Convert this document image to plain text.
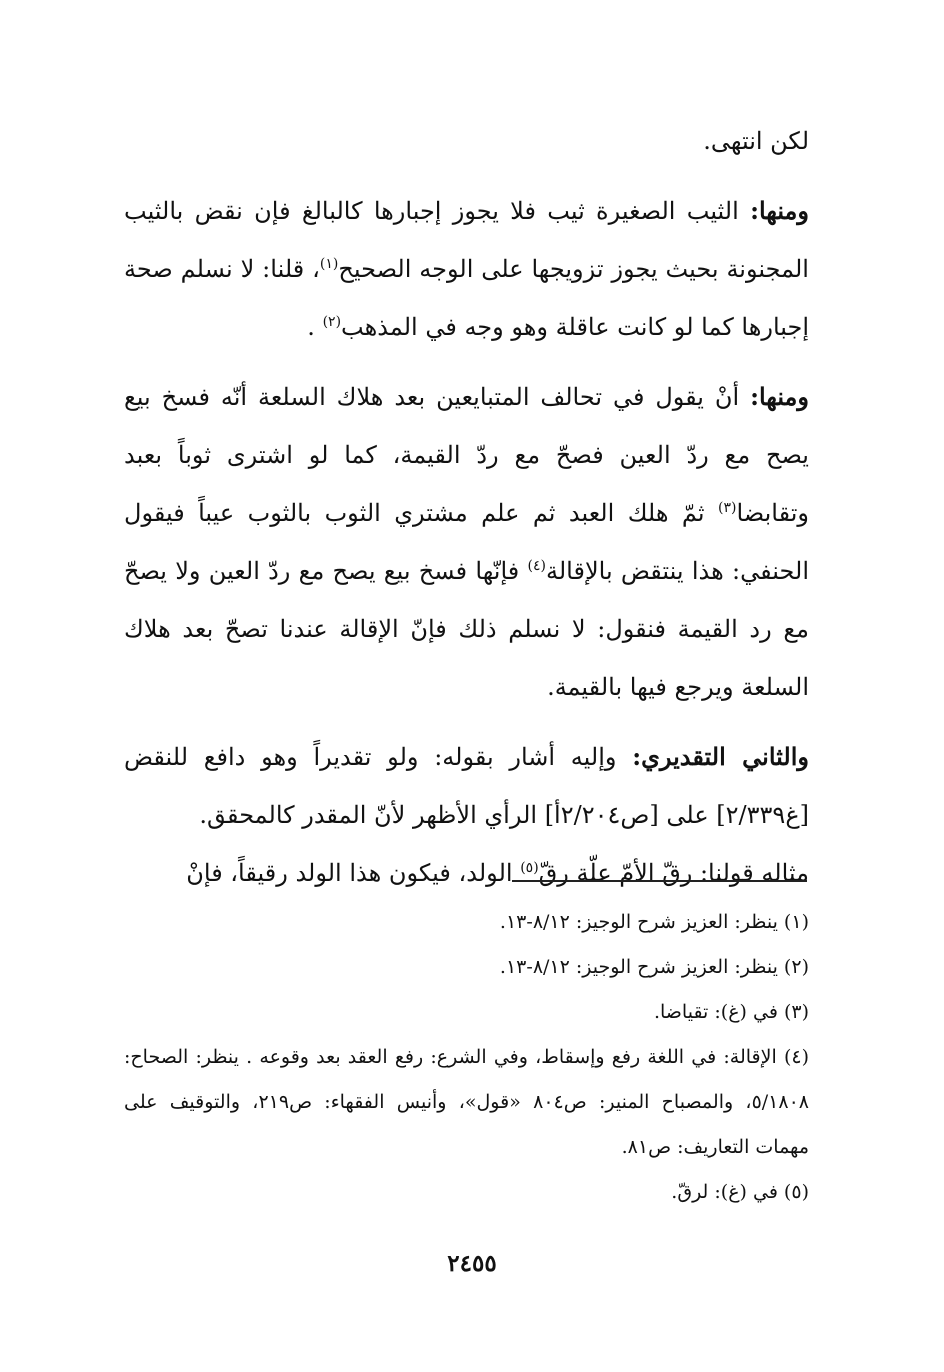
لكن انتهى.

ومنها: الثيب الصغيرة ثيب فلا يجوز إجبارها كالبالغ فإن نقض بالثيب المجنونة بحيث يجوز تزويجها على الوجه الصحيح$^{(١)}$، قلنا: لا نسلم صحة إجبارها كما لو كانت عاقلة وهو وجه في المذهب$^{(٢)}$ .

ومنها: أنْ يقول في تحالف المتبايعين بعد هلاك السلعة أنّه فسخ بيع يصح مع ردّ العين فصحّ مع ردّ القيمة، كما لو اشترى ثوباً بعبد وتقابضا$^{(٣)}$ ثمّ هلك العبد ثم علم مشتري الثوب بالثوب عيباً فيقول الحنفي: هذا ينتقض بالإقالة$^{(٤)}$ فإنّها فسخ بيع يصح مع ردّ العين ولا يصحّ مع رد القيمة فنقول: لا نسلم ذلك فإنّ الإقالة عندنا تصحّ بعد هلاك السلعة ويرجع فيها بالقيمة.

والثاني التقديري: وإليه أشار بقوله: ولو تقديراً وهو دافع للنقض [غ٢/٣٣٩] على [ص٢/٢٠٤أ] الرأي الأظهر لأنّ المقدر كالمحقق.

مثاله قولنا: رقّ الأمّ علّة رقّ$^{(٥)}$ الولد، فيكون هذا الولد رقيقاً، فإنْ

(١) ينظر: العزيز شرح الوجيز: ٨/١٢-١٣.

(٢) ينظر: العزيز شرح الوجيز: ٨/١٢-١٣.

(٣) في (غ): تقياضا.

(٤) الإقالة: في اللغة رفع وإسقاط، وفي الشرع: رفع العقد بعد وقوعه . ينظر: الصحاح: ٥/١٨٠٨، والمصباح المنير: ص٨٠٤ «قول»، وأنيس الفقهاء: ص٢١٩، والتوقيف على مهمات التعاريف: ص٨١.

(٥) في (غ): لرقّ.

٢٤٥٥
